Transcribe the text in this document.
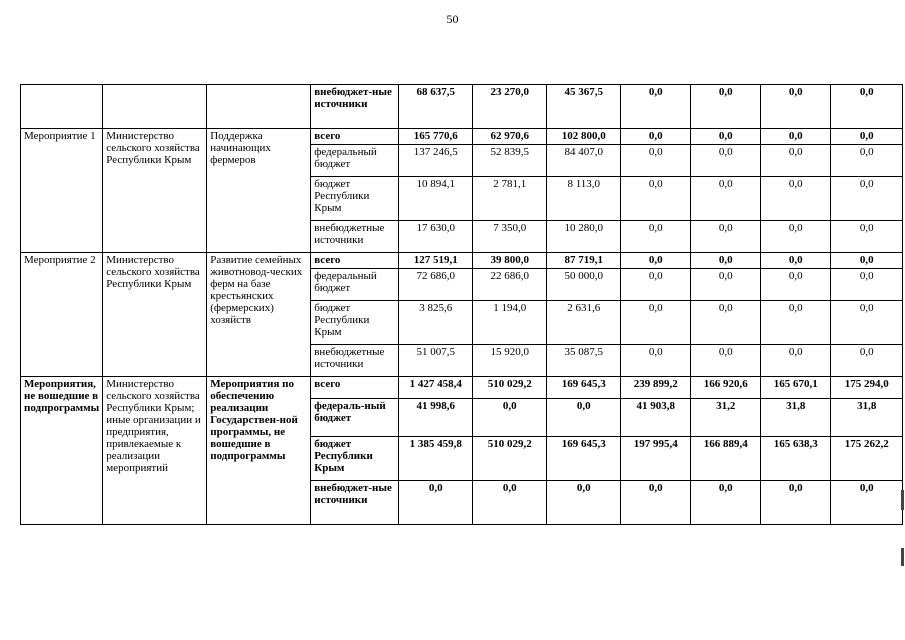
50
			внебюджет-ные источники	68 637,5	23 270,0	45 367,5	0,0	0,0	0,0	0,0
Мероприятие 1	Министерство сельского хозяйства Республики Крым	Поддержка начинающих фермеров	всего	165 770,6	62 970,6	102 800,0	0,0	0,0	0,0	0,0
			федеральный бюджет	137 246,5	52 839,5	84 407,0	0,0	0,0	0,0	0,0
			бюджет Республики Крым	10 894,1	2 781,1	8 113,0	0,0	0,0	0,0	0,0
			внебюджетные источники	17 630,0	7 350,0	10 280,0	0,0	0,0	0,0	0,0
Мероприятие 2	Министерство сельского хозяйства Республики Крым	Развитие семейных животновод-ческих ферм на базе крестьянских (фермерских) хозяйств	всего	127 519,1	39 800,0	87 719,1	0,0	0,0	0,0	0,0
			федеральный бюджет	72 686,0	22 686,0	50 000,0	0,0	0,0	0,0	0,0
			бюджет Республики Крым	3 825,6	1 194,0	2 631,6	0,0	0,0	0,0	0,0
			внебюджетные источники	51 007,5	15 920,0	35 087,5	0,0	0,0	0,0	0,0
Мероприятия, не вошедшие в подпрограммы	Министерство сельского хозяйства Республики Крым; иные организации и предприятия, привлекаемые к реализации мероприятий	Мероприятия по обеспечению реализации Государствен-ной программы, не вошедшие в подпрограммы	всего	1 427 458,4	510 029,2	169 645,3	239 899,2	166 920,6	165 670,1	175 294,0
			федераль-ный бюджет	41 998,6	0,0	0,0	41 903,8	31,2	31,8	31,8
			бюджет Республики Крым	1 385 459,8	510 029,2	169 645,3	197 995,4	166 889,4	165 638,3	175 262,2
			внебюджет-ные источники	0,0	0,0	0,0	0,0	0,0	0,0	0,0
